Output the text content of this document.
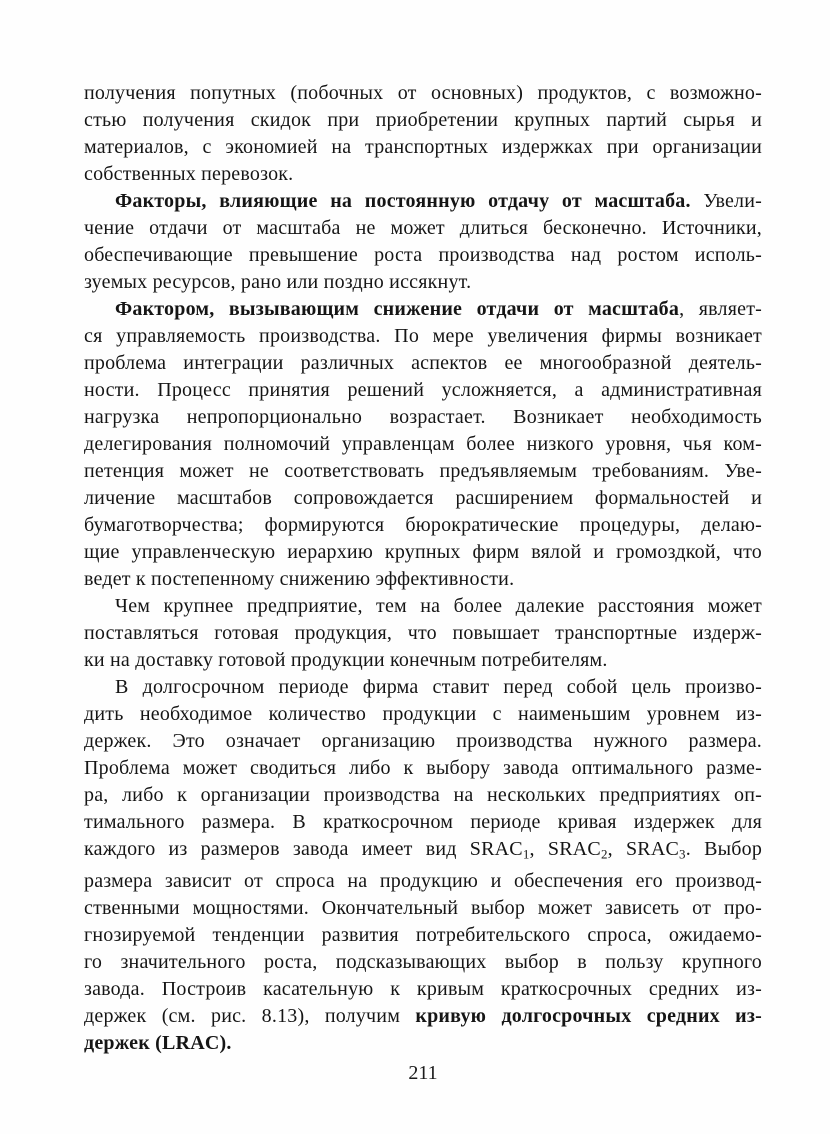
получения попутных (побочных от основных) продуктов, с возможно-
стью получения скидок при приобретении крупных партий сырья и
материалов, с экономией на транспортных издержках при организации
собственных перевозок.
Факторы, влияющие на постоянную отдачу от масштаба. Увели-
чение отдачи от масштаба не может длиться бесконечно. Источники,
обеспечивающие превышение роста производства над ростом исполь-
зуемых ресурсов, рано или поздно иссякнут.
Фактором, вызывающим снижение отдачи от масштаба, являет-
ся управляемость производства. По мере увеличения фирмы возникает
проблема интеграции различных аспектов ее многообразной деятель-
ности. Процесс принятия решений усложняется, а административная
нагрузка непропорционально возрастает. Возникает необходимость
делегирования полномочий управленцам более низкого уровня, чья ком-
петенция может не соответствовать предъявляемым требованиям. Уве-
личение масштабов сопровождается расширением формальностей и
бумаготворчества; формируются бюрократические процедуры, делаю-
щие управленческую иерархию крупных фирм вялой и громоздкой, что
ведет к постепенному снижению эффективности.
Чем крупнее предприятие, тем на более далекие расстояния может
поставляться готовая продукция, что повышает транспортные издерж-
ки на доставку готовой продукции конечным потребителям.
В долгосрочном периоде фирма ставит перед собой цель произво-
дить необходимое количество продукции с наименьшим уровнем из-
держек. Это означает организацию производства нужного размера.
Проблема может сводиться либо к выбору завода оптимального разме-
ра, либо к организации производства на нескольких предприятиях оп-
тимального размера. В краткосрочном периоде кривая издержек для
каждого из размеров завода имеет вид SRAC1, SRAC2, SRAC3. Выбор
размера зависит от спроса на продукцию и обеспечения его производ-
ственными мощностями. Окончательный выбор может зависеть от про-
гнозируемой тенденции развития потребительского спроса, ожидаемо-
го значительного роста, подсказывающих выбор в пользу крупного
завода. Построив касательную к кривым краткосрочных средних из-
держек (см. рис. 8.13), получим кривую долгосрочных средних из-
держек (LRAC).
211
